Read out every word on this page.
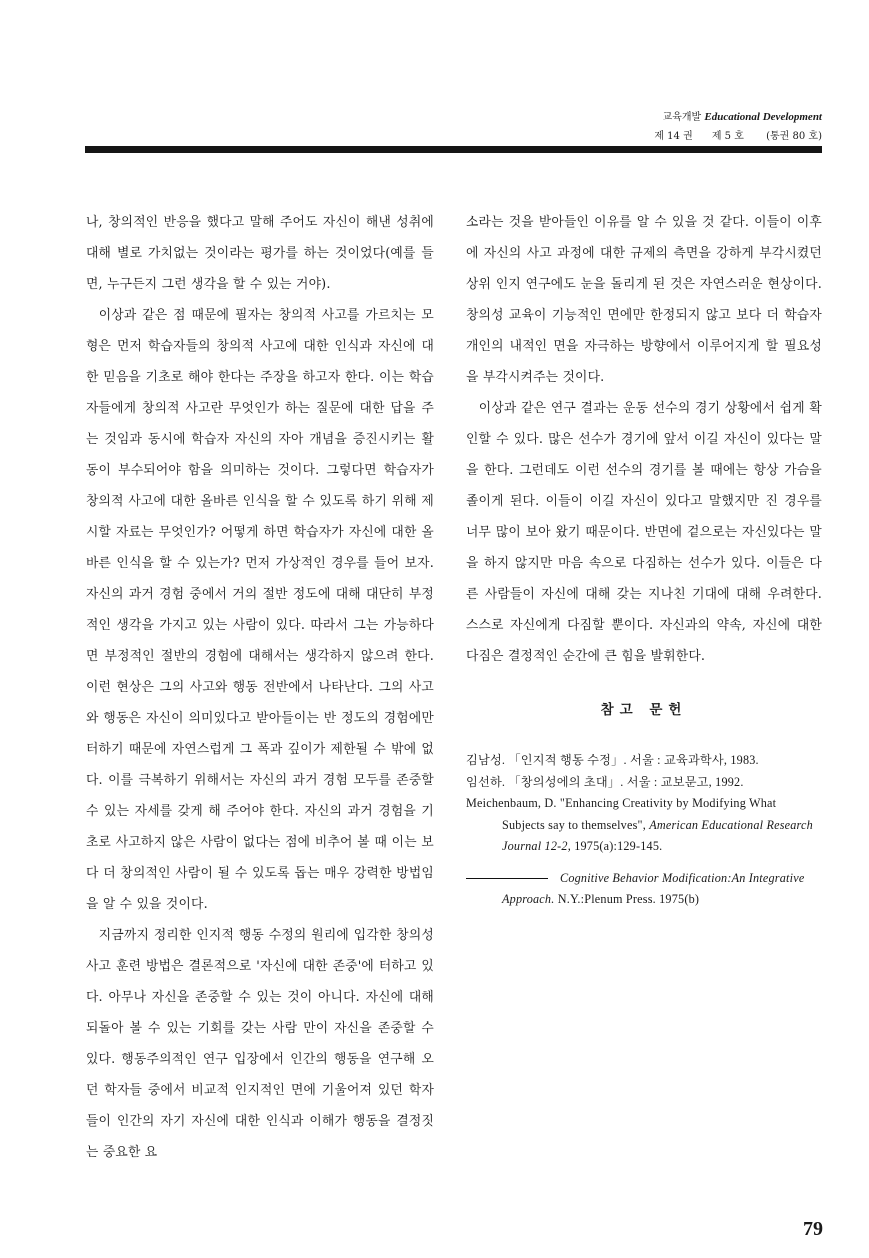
교육개발 Educational Development
제 14 권 제 5 호 (통권 80 호)

나, 창의적인 반응을 했다고 말해 주어도 자신이 해낸 성취에 대해 별로 가치없는 것이라는 평가를 하는 것이었다(예를 들면, 누구든지 그런 생각을 할 수 있는 거야).

이상과 같은 점 때문에 필자는 창의적 사고를 가르치는 모형은 먼저 학습자들의 창의적 사고에 대한 인식과 자신에 대한 믿음을 기초로 해야 한다는 주장을 하고자 한다. 이는 학습자들에게 창의적 사고란 무엇인가 하는 질문에 대한 답을 주는 것임과 동시에 학습자 자신의 자아 개념을 증진시키는 활동이 부수되어야 함을 의미하는 것이다. 그렇다면 학습자가 창의적 사고에 대한 올바른 인식을 할 수 있도록 하기 위해 제시할 자료는 무엇인가? 어떻게 하면 학습자가 자신에 대한 올바른 인식을 할 수 있는가? 먼저 가상적인 경우를 들어 보자. 자신의 과거 경험 중에서 거의 절반 정도에 대해 대단히 부정적인 생각을 가지고 있는 사람이 있다. 따라서 그는 가능하다면 부정적인 절반의 경험에 대해서는 생각하지 않으려 한다. 이런 현상은 그의 사고와 행동 전반에서 나타난다. 그의 사고와 행동은 자신이 의미있다고 받아들이는 반 정도의 경험에만 터하기 때문에 자연스럽게 그 폭과 깊이가 제한될 수 밖에 없다. 이를 극복하기 위해서는 자신의 과거 경험 모두를 존중할 수 있는 자세를 갖게 해 주어야 한다. 자신의 과거 경험을 기초로 사고하지 않은 사람이 없다는 점에 비추어 볼 때 이는 보다 더 창의적인 사람이 될 수 있도록 돕는 매우 강력한 방법임을 알 수 있을 것이다.

지금까지 정리한 인지적 행동 수정의 원리에 입각한 창의성 사고 훈련 방법은 결론적으로 '자신에 대한 존중'에 터하고 있다. 아무나 자신을 존중할 수 있는 것이 아니다. 자신에 대해 되돌아 볼 수 있는 기회를 갖는 사람 만이 자신을 존중할 수 있다. 행동주의적인 연구 입장에서 인간의 행동을 연구해 오던 학자들 중에서 비교적 인지적인 면에 기울어져 있던 학자들이 인간의 자기 자신에 대한 인식과 이해가 행동을 결정짓는 중요한 요

소라는 것을 받아들인 이유를 알 수 있을 것 같다. 이들이 이후에 자신의 사고 과정에 대한 규제의 측면을 강하게 부각시켰던 상위 인지 연구에도 눈을 돌리게 된 것은 자연스러운 현상이다. 창의성 교육이 기능적인 면에만 한정되지 않고 보다 더 학습자 개인의 내적인 면을 자극하는 방향에서 이루어지게 할 필요성을 부각시켜주는 것이다.

이상과 같은 연구 결과는 운동 선수의 경기 상황에서 쉽게 확인할 수 있다. 많은 선수가 경기에 앞서 이길 자신이 있다는 말을 한다. 그런데도 이런 선수의 경기를 볼 때에는 항상 가슴을 졸이게 된다. 이들이 이길 자신이 있다고 말했지만 진 경우를 너무 많이 보아 왔기 때문이다. 반면에 겉으로는 자신있다는 말을 하지 않지만 마음 속으로 다짐하는 선수가 있다. 이들은 다른 사람들이 자신에 대해 갖는 지나친 기대에 대해 우려한다. 스스로 자신에게 다짐할 뿐이다. 자신과의 약속, 자신에 대한 다짐은 결정적인 순간에 큰 힘을 발휘한다.

참고 문헌

김남성. 「인지적 행동 수정」. 서울 : 교육과학사, 1983.

임선하. 「창의성에의 초대」. 서울 : 교보문고, 1992.

Meichenbaum, D. "Enhancing Creativity by Modifying What Subjects say to themselves", American Educational Research Journal 12-2, 1975(a):129-145.

Cognitive Behavior Modification:An Integrative Approach. N.Y.:Plenum Press. 1975(b)

79
